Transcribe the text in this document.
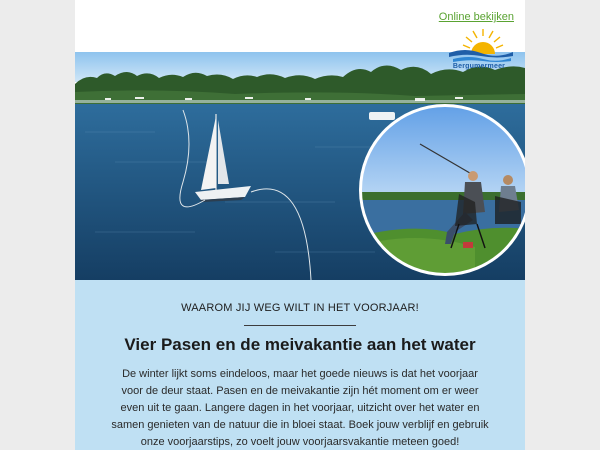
Online bekijken
Bergumermeer
WAAROM JIJ WEG WILT IN HET VOORJAAR!
Vier Pasen en de meivakantie aan het water
De winter lijkt soms eindeloos, maar het goede nieuws is dat het voorjaar voor de deur staat. Pasen en de meivakantie zijn hét moment om er weer even uit te gaan. Langere dagen in het voorjaar, uitzicht over het water en samen genieten van de natuur die in bloei staat. Boek jouw verblijf en gebruik onze voorjaarstips, zo voelt jouw voorjaarsvakantie meteen goed!
